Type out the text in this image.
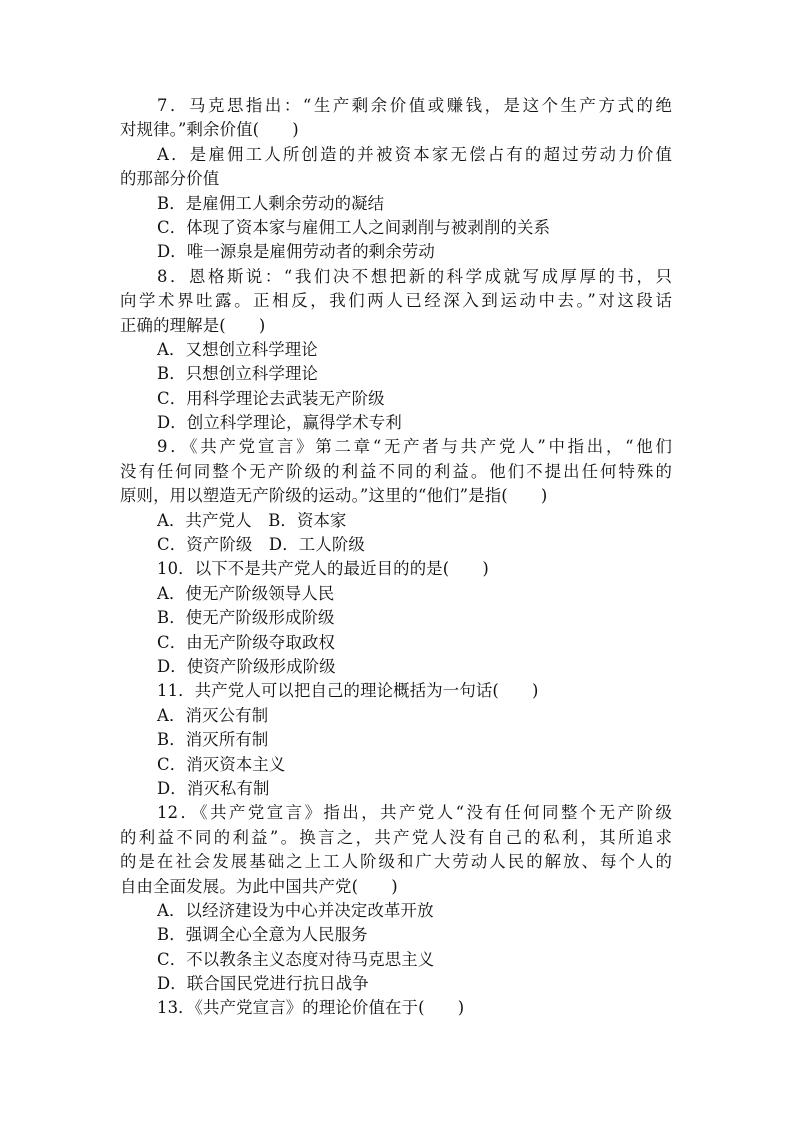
7．马克思指出：“生产剩余价值或赚钱，是这个生产方式的绝
对规律。”剩余价值(　　)
A．是雇佣工人所创造的并被资本家无偿占有的超过劳动力价值
的那部分价值
B．是雇佣工人剩余劳动的凝结
C．体现了资本家与雇佣工人之间剥削与被剥削的关系
D．唯一源泉是雇佣劳动者的剩余劳动
8．恩格斯说：“我们决不想把新的科学成就写成厚厚的书，只
向学术界吐露。正相反，我们两人已经深入到运动中去。”对这段话
正确的理解是(　　)
A．又想创立科学理论
B．只想创立科学理论
C．用科学理论去武装无产阶级
D．创立科学理论，赢得学术专利
9．《共产党宣言》第二章“无产者与共产党人”中指出，“他们
没有任何同整个无产阶级的利益不同的利益。他们不提出任何特殊的
原则，用以塑造无产阶级的运动。”这里的“他们”是指(　　)
A．共产党人　B．资本家
C．资产阶级　D．工人阶级
10．以下不是共产党人的最近目的的是(　　)
A．使无产阶级领导人民
B．使无产阶级形成阶级
C．由无产阶级夺取政权
D．使资产阶级形成阶级
11．共产党人可以把自己的理论概括为一句话(　　)
A．消灭公有制
B．消灭所有制
C．消灭资本主义
D．消灭私有制
12．《共产党宣言》指出，共产党人“没有任何同整个无产阶级
的利益不同的利益”。换言之，共产党人没有自己的私利，其所追求
的是在社会发展基础之上工人阶级和广大劳动人民的解放、每个人的
自由全面发展。为此中国共产党(　　)
A．以经济建设为中心并决定改革开放
B．强调全心全意为人民服务
C．不以教条主义态度对待马克思主义
D．联合国民党进行抗日战争
13．《共产党宣言》的理论价值在于(　　)
